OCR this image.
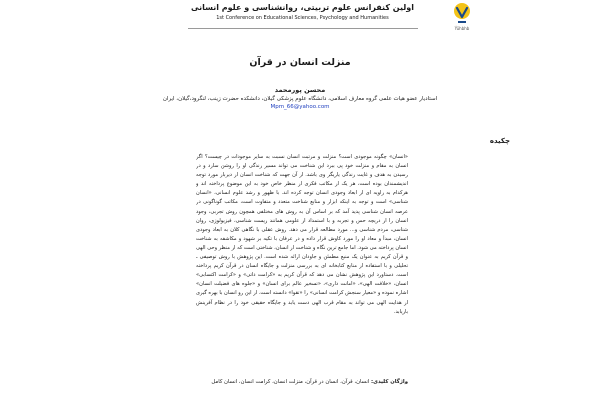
اولین کنفرانس علوم تربیتی، روانشناسی و علوم انسانی
1st Conference on Educational Sciences, Psychology and Humanities
Ýühbhb
منزلت انسان در قرآن
محسن پورمحمد
استادیار عضو هیات علمی گروه معارف اسلامی، دانشگاه علوم پزشکی گیلان، دانشکده حضرت زینب، لنگرود،گیلان، ایران
Mpm_66@yahoo.com
چکیده
«انسان» چگونه موجودی است؟ منزلت و مرتبت انسان نسبت به سایر موجودات در چیست؟ اگر انسان به مقام و منزلت خود پی ببرد این شناخت می تواند مسیر زندگی او را روشن سازد و در رسیدن به هدف و غایت زندگی یاریگر وی باشد. از آن جهت که شناخت انسان از دیرباز مورد توجه اندیشمندان بوده است، هر یک از مکاتب فکری از منظر خاص خود به این موضوع پرداخته اند و هرکدام به زاویه ای از ابعاد وجودی انسان توجه کرده اند. با ظهور و رشد علوم انسانی، «انسان شناسی» است و توجه به اینکه ابزار و منابع شناخت متعدد و متفاوت است، مکاتب گوناگونی در عرصه انسان شناسی پدید آمد که بر اساس آن به روش های مختلفی همچون روش تجربی، وجود انسان را از دریچه حس و تجربه و با استمداد از علومی همانند زیست شناسی، فیزیولوژی، روان شناسی، مردم شناسی و... مورد مطالعه قرار می دهد. روش عقلی با نگاهی کلان به ابعاد وجودی انسان، مبدأ و معاد او را مورد کاوش قرار داده و در عرفان با تکیه بر شهود و مکاشفه به شناخت انسان پرداخته می شود. اما جامع ترین نگاه و شناخت از انسان، شناختی است که از منظر وحی الهی و قرآن کریم به عنوان یک منبع مطمئن و جاودان ارائه شده است. این پژوهش با روش توصیفی ـ تحلیلی و با استفاده از منابع کتابخانه ای به بررسی منزلت و جایگاه انسان در قرآن کریم پرداخته است. دستاورد این پژوهش نشان می دهد که قرآن کریم به «کرامت ذاتی» و «کرامت اکتسابی» انسان، «خلافت الهی»، «امانت داری»، «تسخیر عالم برای انسان» و «جلوه های فضیلت انسان» اشاره نموده و «معیار سنجش کرامت انسانی» را «تقوا» دانسته است. از این رو انسان با بهره گیری از هدایت الهی می تواند به مقام قرب الهی دست یابد و جایگاه حقیقی خود را در نظام آفرینش بازیابد.
واژگان کلیدی: انسان، قرآن، انسان در قرآن، منزلت انسان، کرامت انسان، انسان کامل
